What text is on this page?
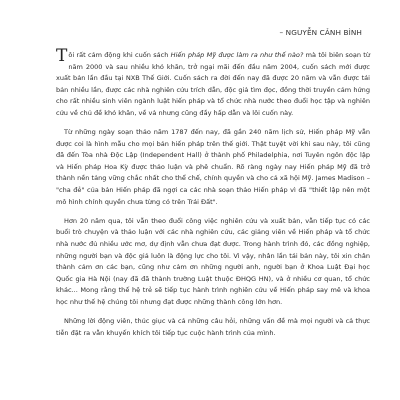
– NGUYỄN CẢNH BÌNH

Tôi rất cảm động khi cuốn sách Hiến pháp Mỹ được làm ra như thế nào? mà tôi biên soạn từ năm 2000 và sau nhiều khó khăn, trở ngại mãi đến đầu năm 2004, cuốn sách mới được xuất bản lần đầu tại NXB Thế Giới. Cuốn sách ra đời đến nay đã được 20 năm và vẫn được tái bản nhiều lần, được các nhà nghiên cứu trích dẫn, độc giả tìm đọc, đồng thời truyền cảm hứng cho rất nhiều sinh viên ngành luật hiến pháp và tổ chức nhà nước theo đuổi học tập và nghiên cứu về chủ đề khó khăn, về vả nhưng cũng đầy hấp dẫn và lôi cuốn này.

Từ những ngày soạn thảo năm 1787 đến nay, đã gần 240 năm lịch sử, Hiến pháp Mỹ vẫn được coi là hình mẫu cho mọi bản hiến pháp trên thế giới. Thật tuyệt vời khi sau này, tôi cũng đã đến Tòa nhà Độc Lập (Independent Hall) ở thành phố Philadelphia, nơi Tuyên ngôn độc lập và Hiến pháp Hoa Kỳ được thảo luận và phê chuẩn. Rõ ràng ngày nay Hiến pháp Mỹ đã trở thành nền tảng vững chắc nhất cho thể chế, chính quyền và cho cả xã hội Mỹ. James Madison – "cha đẻ" của bản Hiến pháp đã ngợi ca các nhà soạn thảo Hiến pháp vì đã "thiết lập nên một mô hình chính quyền chưa từng có trên Trái Đất".

Hơn 20 năm qua, tôi vẫn theo đuổi công việc nghiên cứu và xuất bản, vẫn tiếp tục có các buổi trò chuyện và thảo luận với các nhà nghiên cứu, các giảng viên về Hiến pháp và tổ chức nhà nước đủ nhiều ước mơ, dự định vẫn chưa đạt được. Trong hành trình đó, các đồng nghiệp, những người bạn và độc giả luôn là động lực cho tôi. Vì vậy, nhân lần tái bản này, tôi xin chân thành cảm ơn các bạn, cũng như cảm ơn những người anh, người bạn ở Khoa Luật Đại học Quốc gia Hà Nội (nay đã đã thành trường Luật thuộc ĐHQG HN), và ở nhiều cơ quan, tổ chức khác... Mong rằng thế hệ trẻ sẽ tiếp tục hành trình nghiên cứu về Hiến pháp say mê và khoa học như thế hệ chúng tôi nhưng đạt được những thành công lớn hơn.

Những lời động viên, thúc giục và cả những câu hỏi, những vấn đề mà mọi người và cả thực tiễn đặt ra vẫn khuyến khích tôi tiếp tục cuộc hành trình của mình.
